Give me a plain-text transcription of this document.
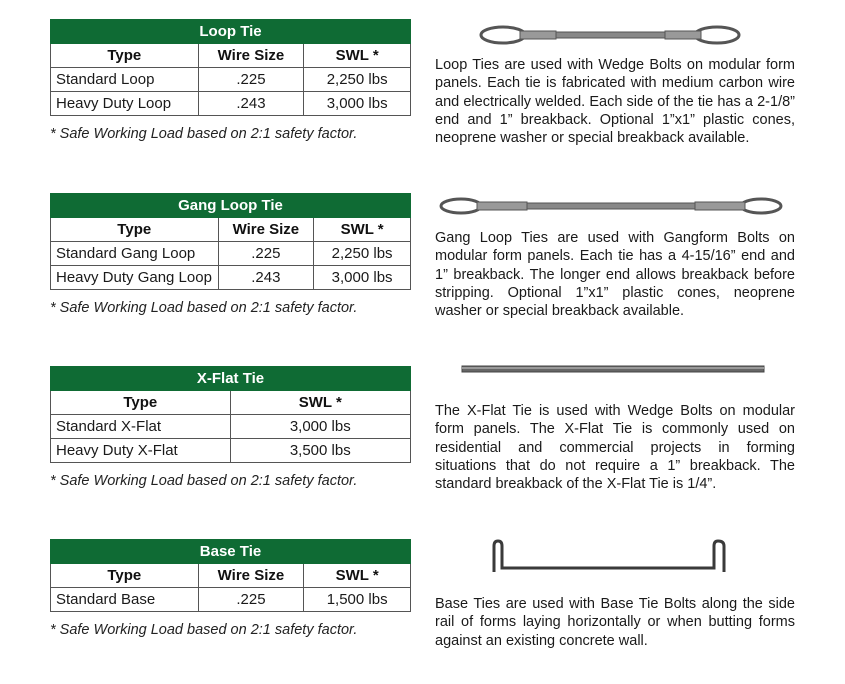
Loop Tie		
Type	Wire Size	SWL *
Standard Loop	.225	2,250 lbs
Heavy Duty Loop	.243	3,000 lbs
* Safe Working Load based on 2:1 safety factor.
Loop Ties are used with Wedge Bolts on modular form panels. Each tie is fabricated with medium carbon wire and electrically welded. Each side of the tie has a 2-1/8” end and 1” breakback. Optional 1”x1” plastic cones, neoprene washer or special breakback available.
Gang Loop Tie		
Type	Wire Size	SWL *
Standard Gang Loop	.225	2,250 lbs
Heavy Duty Gang Loop	.243	3,000 lbs
* Safe Working Load based on 2:1 safety factor.
Gang Loop Ties are used with Gangform Bolts on modular form panels. Each tie has a 4-15/16” end and 1” breakback. The longer end allows breakback before stripping. Optional 1”x1” plastic cones, neoprene washer or special breakback available.
X-Flat Tie	
Type	SWL *
Standard X-Flat	3,000 lbs
Heavy Duty X-Flat	3,500 lbs
* Safe Working Load based on 2:1 safety factor.
The X-Flat Tie is used with Wedge Bolts on modular form panels. The X-Flat Tie is commonly used on residential and commercial projects in forming situations that do not require a 1” breakback. The standard breakback of the X-Flat Tie is 1/4”.
Base Tie		
Type	Wire Size	SWL *
Standard Base	.225	1,500 lbs
* Safe Working Load based on 2:1 safety factor.
Base Ties are used with Base Tie Bolts along the side rail of forms laying horizontally or when butting forms against an existing concrete wall.
